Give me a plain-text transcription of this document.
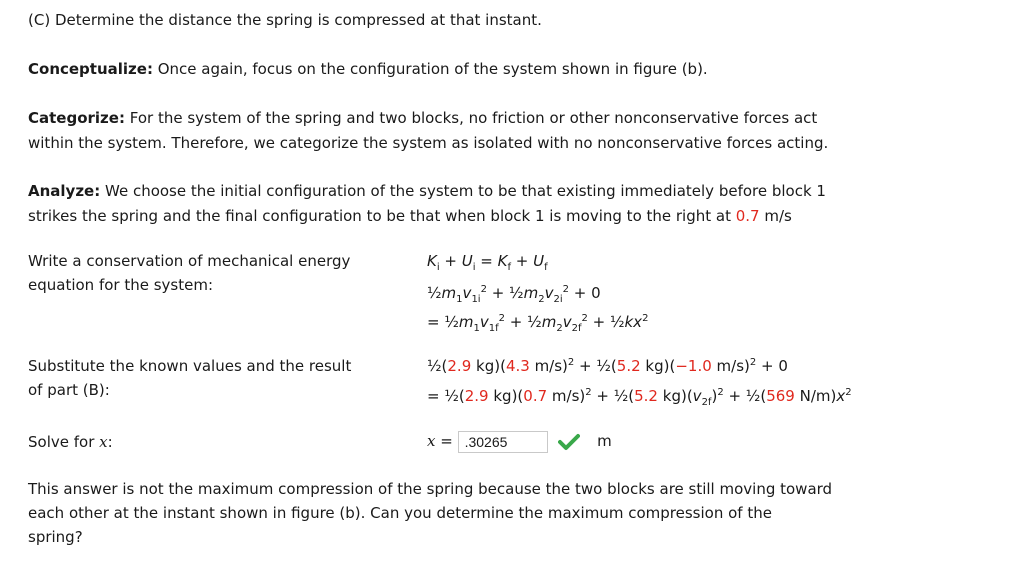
(C) Determine the distance the spring is compressed at that instant.
Conceptualize: Once again, focus on the configuration of the system shown in figure (b).
Categorize: For the system of the spring and two blocks, no friction or other nonconservative forces act
within the system. Therefore, we categorize the system as isolated with no nonconservative forces acting.
Analyze: We choose the initial configuration of the system to be that existing immediately before block 1
strikes the spring and the final configuration to be that when block 1 is moving to the right at 0.7 m/s
Write a conservation of mechanical energy
equation for the system:
$K_i + U_i = K_f + U_f$
$\frac{1}{2}m_1v_{1i}^2$ + $\frac{1}{2}m_2v_{2i}^2 + 0$
= $\frac{1}{2}m_1v_{1f}^2$ + $\frac{1}{2}m_2v_{2f}^2$ + $\frac{1}{2}kx^2$
Substitute the known values and the result
of part (B):
½(2.9 kg)(4.3 m/s)$^2$ + ½(5.2 kg)(−1.0 m/s)$^2$ + 0
= ½(2.9 kg)(0.7 m/s)$^2$ + ½(5.2 $kg)(v_{2f})^2$ + ½(569 $N/m)x^2$
Solve for x:	x = .30265	m
This answer is not the maximum compression of the spring because the two blocks are still moving toward
each other at the instant shown in figure (b). Can you determine the maximum compression of the
spring?
